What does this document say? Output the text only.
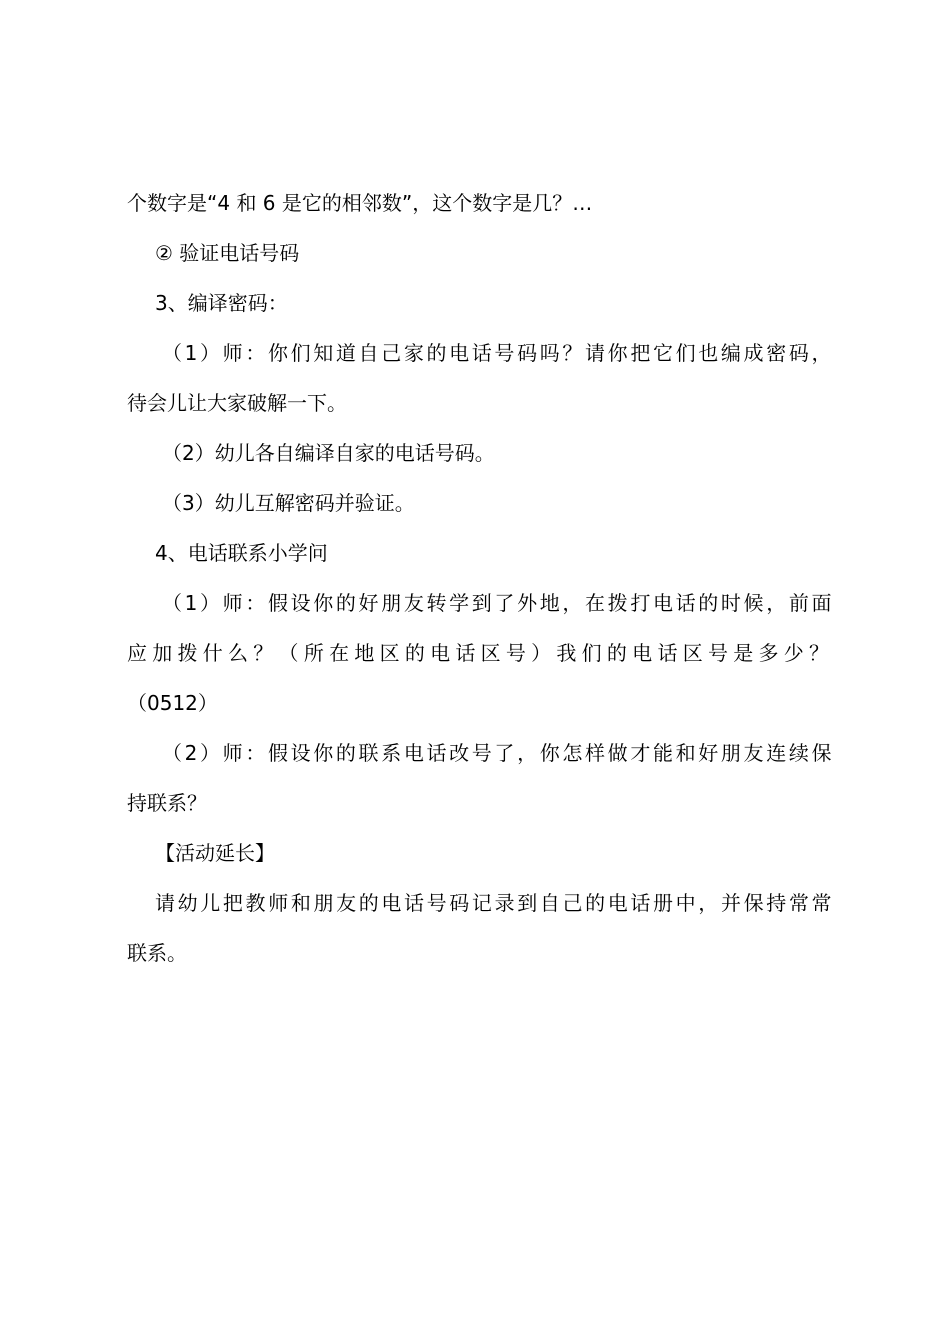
个数字是“4 和 6 是它的相邻数”，这个数字是几？…
② 验证电话号码
3、编译密码：
（1）师：你们知道自己家的电话号码吗？请你把它们也编成密码，
待会儿让大家破解一下。
（2）幼儿各自编译自家的电话号码。
（3）幼儿互解密码并验证。
4、电话联系小学问
（1）师：假设你的好朋友转学到了外地，在拨打电话的时候，前面
应加拨什么？（所在地区的电话区号）我们的电话区号是多少？
（0512）
（2）师：假设你的联系电话改号了，你怎样做才能和好朋友连续保
持联系？
【活动延长】
请幼儿把教师和朋友的电话号码记录到自己的电话册中，并保持常常
联系。
